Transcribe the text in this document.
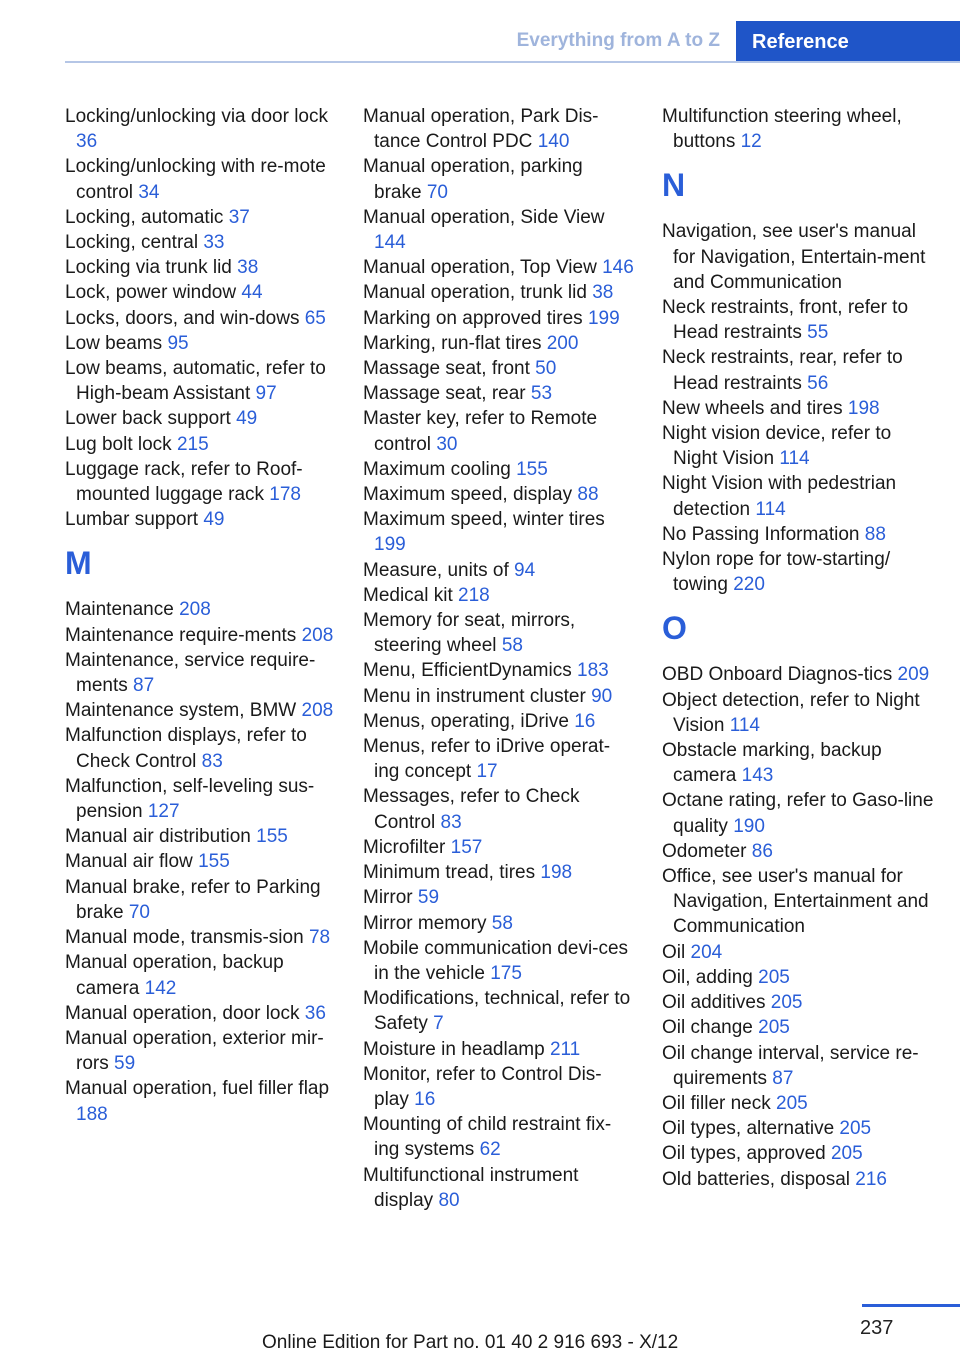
Everything from A to Z	Reference
Locking/unlocking via door lock 36
Locking/unlocking with re-mote control 34
Locking, automatic 37
Locking, central 33
Locking via trunk lid 38
Lock, power window 44
Locks, doors, and win-dows 65
Low beams 95
Low beams, automatic, refer to High-beam Assistant 97
Lower back support 49
Lug bolt lock 215
Luggage rack, refer to Roof-mounted luggage rack 178
Lumbar support 49
M
Maintenance 208
Maintenance require-ments 208
Maintenance, service require-ments 87
Maintenance system, BMW 208
Malfunction displays, refer to Check Control 83
Malfunction, self-leveling sus-pension 127
Manual air distribution 155
Manual air flow 155
Manual brake, refer to Parking brake 70
Manual mode, transmis-sion 78
Manual operation, backup camera 142
Manual operation, door lock 36
Manual operation, exterior mir-rors 59
Manual operation, fuel filler flap 188
Manual operation, Park Dis-tance Control PDC 140
Manual operation, parking brake 70
Manual operation, Side View 144
Manual operation, Top View 146
Manual operation, trunk lid 38
Marking on approved tires 199
Marking, run-flat tires 200
Massage seat, front 50
Massage seat, rear 53
Master key, refer to Remote control 30
Maximum cooling 155
Maximum speed, display 88
Maximum speed, winter tires 199
Measure, units of 94
Medical kit 218
Memory for seat, mirrors, steering wheel 58
Menu, EfficientDynamics 183
Menu in instrument cluster 90
Menus, operating, iDrive 16
Menus, refer to iDrive operat-ing concept 17
Messages, refer to Check Control 83
Microfilter 157
Minimum tread, tires 198
Mirror 59
Mirror memory 58
Mobile communication devi-ces in the vehicle 175
Modifications, technical, refer to Safety 7
Moisture in headlamp 211
Monitor, refer to Control Dis-play 16
Mounting of child restraint fix-ing systems 62
Multifunctional instrument display 80
Multifunction steering wheel, buttons 12
N
Navigation, see user's manual for Navigation, Entertain-ment and Communication
Neck restraints, front, refer to Head restraints 55
Neck restraints, rear, refer to Head restraints 56
New wheels and tires 198
Night vision device, refer to Night Vision 114
Night Vision with pedestrian detection 114
No Passing Information 88
Nylon rope for tow-starting/ towing 220
O
OBD Onboard Diagnos-tics 209
Object detection, refer to Night Vision 114
Obstacle marking, backup camera 143
Octane rating, refer to Gaso-line quality 190
Odometer 86
Office, see user's manual for Navigation, Entertainment and Communication
Oil 204
Oil, adding 205
Oil additives 205
Oil change 205
Oil change interval, service re-quirements 87
Oil filler neck 205
Oil types, alternative 205
Oil types, approved 205
Old batteries, disposal 216
237
Online Edition for Part no. 01 40 2 916 693 - X/12
